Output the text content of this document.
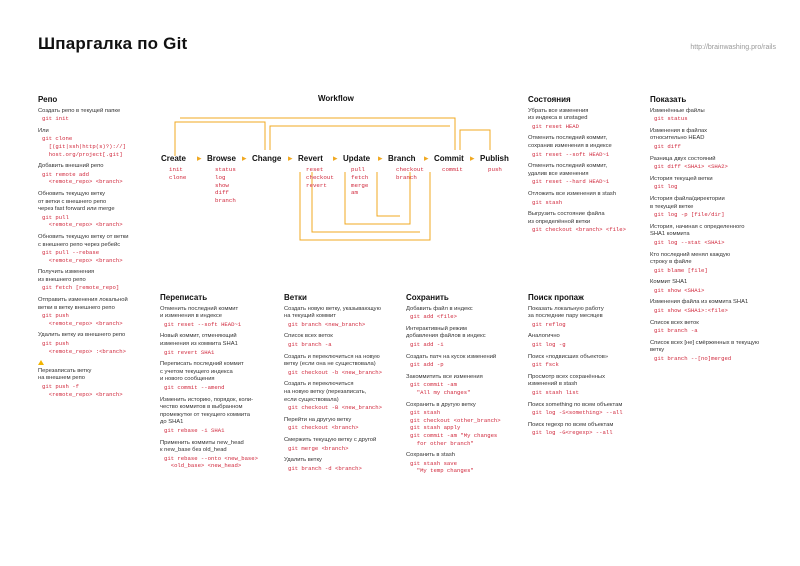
Шпаргалка по Git	http://brainwashing.pro/rails
Репо
Создать репо в текущей папке
git init
Или
git clone
[(git|ssh|http(s)?)://]
host.org/project[.git]
Добавить внешний репо
git remote add
<remote_repo> <branch>
Обновить текущую ветку
от ветки с внешнего репо
через fast forward или merge
git pull
<remote_repo> <branch>
Обновить текущую ветку от ветки
с внешнего репо через ребейс
git pull --rebase
<remote_repo> <branch>
Получить изменения
из внешнего репо
git fetch [remote_repo]
Отправить изменения локальной
ветки в ветку внешнего репо
git push
<remote_repo> <branch>
Удалить ветку из внешнего репо
git push
<remote_repo> :<branch>
Перезаписать ветку
на внешнем репо
git push -f
<remote_repo> <branch>
Состояния
Убрать все изменения
из индекса в unstaged
git reset HEAD
Отменить последний коммит,
сохранив изменения в индексе
git reset --soft HEAD~1
Отменить последний коммит,
удалив все изменения
git reset --hard HEAD~1
Отложить все изменения в stash
git stash
Выгрузить состояние файла
из определённой ветки
git checkout <branch> <file>
Показать
Изменённые файлы
git status
Изменения в файлах
относительно HEAD
git diff
Разница двух состояний
git diff <SHA1> <SHA2>
История текущей ветки
git log
История файла/директории
в текущей ветке
git log -p [file/dir]
История, начиная с определенного
SHA1 коммита
git log --stat <SHA1>
Кто последний менял каждую
строку в файле
git blame [file]
Коммит SHA1
git show <SHA1>
Изменения файла из коммита SHA1
git show <SHA1>:<file>
Список всех веток
git branch -a
Список всех [не] смёрженных в текущую
ветку
git branch --[no]merged
Переписать
Отменить последний коммит
и изменения в индексе
git reset --soft HEAD~1
Новый коммит, отменяющий
изменения из коммита SHA1
git revert SHA1
Переписать последний коммит
с учетом текущего индекса
и нового сообщения
git commit --amend
Изменить историю, порядок, коли-
чество коммитов в выбранном
промежутке от текущего коммита
до SHA1
git rebase -i SHA1
Применить коммиты new_head
к new_base без old_head
git rebase --onto <new_base>
<old_base> <new_head>
Ветки
Создать новую ветку, указывающую
на текущий коммит
git branch <new_branch>
Список всех веток
git branch -a
Создать и переключиться на новую
ветку (если она не существовала)
git checkout -b <new_branch>
Создать и переключиться
на новую ветку (перезаписать,
если существовала)
git checkout -B <new_branch>
Перейти на другую ветку
git checkout <branch>
Смержить текущую ветку с другой
git merge <branch>
Удалить ветку
git branch -d <branch>
Сохранить
Добавить файл в индекс
git add <file>
Интерактивный режим
добавления файлов в индекс
git add -i
Создать патч на кусок изменений
git add -p
Закоммитить все изменения
git commit -am
"All my changes"
Сохранить в другую ветку
git stash
git checkout <other_branch>
git stash apply
git commit -am "My changes
for other branch"
Сохранить в stash
git stash save
"My temp changes"
Поиск пропаж
Показать локальную работу
за последние пару месяцев
git reflog
Аналогично
git log -g
Поиск «подвисших объектов»
git fsck
Просмотр всех сохранённых
изменений в stash
git stash list
Поиск something по всем объектам
git log -S<something> --all
Поиск regexp по всем объектам
git log -G<regexp> --all
Workflow
Create
init
clone
▸ Browse
status
log
show
diff
branch
▸ Change ▸ Revert
reset
checkout
revert
▸ Update
pull
fetch
merge
am
▸ Branch
checkout
branch
▸ Commit
commit
▸ Publish
push
